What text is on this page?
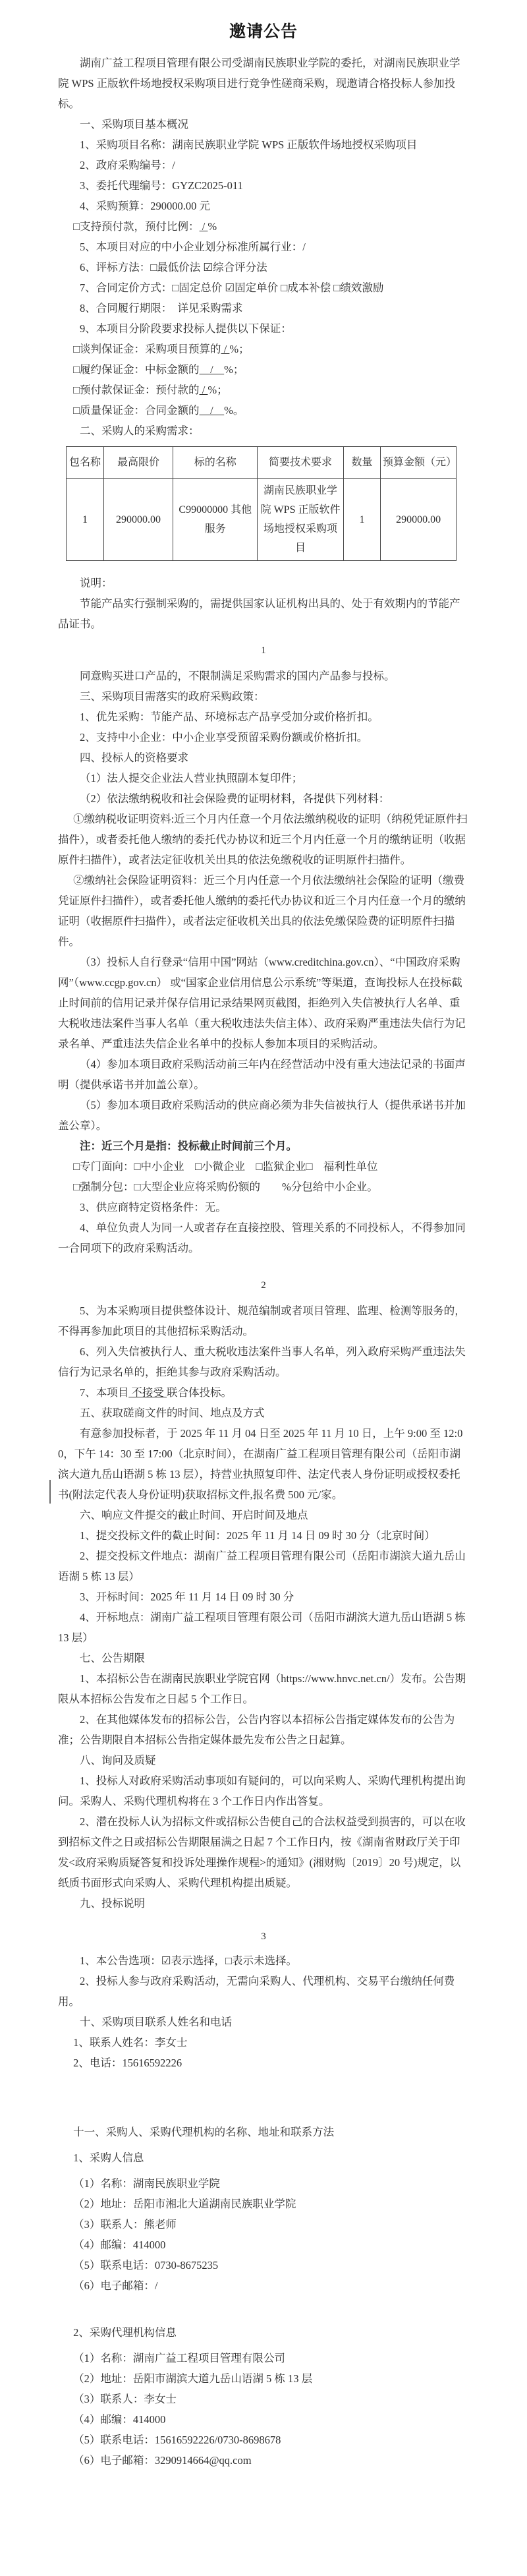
邀请公告

湖南广益工程项目管理有限公司受湖南民族职业学院的委托，对湖南民族职业学院 WPS 正版软件场地授权采购项目进行竞争性磋商采购，现邀请合格投标人参加投标。

一、采购项目基本概况

1、采购项目名称：湖南民族职业学院 WPS 正版软件场地授权采购项目

2、政府采购编号：/

3、委托代理编号：GYZC2025-011

4、采购预算：290000.00 元

□支持预付款，预付比例： / %

5、本项目对应的中小企业划分标准所属行业：/

6、评标方法：□最低价法 ☑综合评分法

7、合同定价方式：□固定总价 ☑固定单价 □成本补偿 □绩效激励

8、合同履行期限：　详见采购需求

9、本项目分阶段要求投标人提供以下保证：

□谈判保证金：采购项目预算的 / %；

□履约保证金：中标金额的　/　%；

□预付款保证金：预付款的 / %；

□质量保证金：合同金额的　/　%。

二、采购人的采购需求：

包名称	最高限价	标的名称	简要技术要求	数量	预算金额（元）
1	290000.00	C99000000 其他服务	湖南民族职业学院 WPS 正版软件场地授权采购项目	1	290000.00

说明：

节能产品实行强制采购的，需提供国家认证机构出具的、处于有效期内的节能产品证书。

1

同意购买进口产品的，不限制满足采购需求的国内产品参与投标。

三、采购项目需落实的政府采购政策：

1、优先采购：节能产品、环境标志产品享受加分或价格折扣。

2、支持中小企业：中小企业享受预留采购份额或价格折扣。

四、投标人的资格要求

（1）法人提交企业法人营业执照副本复印件；

（2）依法缴纳税收和社会保险费的证明材料，各提供下列材料：

①缴纳税收证明资料:近三个月内任意一个月依法缴纳税收的证明（纳税凭证原件扫描件），或者委托他人缴纳的委托代办协议和近三个月内任意一个月的缴纳证明（收据原件扫描件），或者法定征收机关出具的依法免缴税收的证明原件扫描件。

②缴纳社会保险证明资料：近三个月内任意一个月依法缴纳社会保险的证明（缴费凭证原件扫描件），或者委托他人缴纳的委托代办协议和近三个月内任意一个月的缴纳证明（收据原件扫描件），或者法定征收机关出具的依法免缴保险费的证明原件扫描件。

（3）投标人自行登录“信用中国”网站（www.creditchina.gov.cn）、“中国政府采购网”（www.ccgp.gov.cn） 或“国家企业信用信息公示系统”等渠道，查询投标人在投标截止时间前的信用记录并保存信用记录结果网页截图，拒绝列入失信被执行人名单、重大税收违法案件当事人名单（重大税收违法失信主体）、政府采购严重违法失信行为记录名单、严重违法失信企业名单中的投标人参加本项目的采购活动。

（4）参加本项目政府采购活动前三年内在经营活动中没有重大违法记录的书面声明（提供承诺书并加盖公章）。

（5）参加本项目政府采购活动的供应商必须为非失信被执行人（提供承诺书并加盖公章）。

注：近三个月是指：投标截止时间前三个月。

□专门面向：□中小企业　□小微企业　□监狱企业□　福利性单位

□强制分包：□大型企业应将采购份额的　　%分包给中小企业。

3、供应商特定资格条件：无。

4、单位负责人为同一人或者存在直接控股、管理关系的不同投标人，不得参加同一合同项下的政府采购活动。

2

5、为本采购项目提供整体设计、规范编制或者项目管理、监理、检测等服务的，不得再参加此项目的其他招标采购活动。

6、列入失信被执行人、重大税收违法案件当事人名单，列入政府采购严重违法失信行为记录名单的，拒绝其参与政府采购活动。

7、本项目 不接受 联合体投标。

五、获取磋商文件的时间、地点及方式

有意参加投标者，于 2025 年 11 月 04 日至 2025 年 11 月 10 日，上午 9:00 至 12:00，下午 14：30 至 17:00（北京时间），在湖南广益工程项目管理有限公司（岳阳市湖滨大道九岳山语湖 5 栋 13 层），持营业执照复印件、法定代表人身份证明或授权委托书(附法定代表人身份证明)获取招标文件,报名费 500 元/家。

六、响应文件提交的截止时间、开启时间及地点

1、提交投标文件的截止时间：2025 年 11 月 14 日 09 时 30 分（北京时间）

2、提交投标文件地点：湖南广益工程项目管理有限公司（岳阳市湖滨大道九岳山语湖 5 栋 13 层）

3、开标时间：2025 年 11 月 14 日 09 时 30 分

4、开标地点：湖南广益工程项目管理有限公司（岳阳市湖滨大道九岳山语湖 5 栋 13 层）

七、公告期限

1、本招标公告在湖南民族职业学院官网（https://www.hnvc.net.cn/）发布。公告期限从本招标公告发布之日起 5 个工作日。

2、在其他媒体发布的招标公告，公告内容以本招标公告指定媒体发布的公告为准；公告期限自本招标公告指定媒体最先发布公告之日起算。

八、询问及质疑

1、投标人对政府采购活动事项如有疑问的，可以向采购人、采购代理机构提出询问。采购人、采购代理机构将在 3 个工作日内作出答复。

2、潜在投标人认为招标文件或招标公告使自己的合法权益受到损害的，可以在收到招标文件之日或招标公告期限届满之日起 7 个工作日内，按《湖南省财政厅关于印发<政府采购质疑答复和投诉处理操作规程>的通知》(湘财购〔2019〕20 号)规定，以纸质书面形式向采购人、采购代理机构提出质疑。

九、投标说明

3

1、本公告选项：☑表示选择，□表示未选择。

2、投标人参与政府采购活动，无需向采购人、代理机构、交易平台缴纳任何费用。

十、采购项目联系人姓名和电话

1、联系人姓名：李女士

2、电话：15616592226

十一、采购人、采购代理机构的名称、地址和联系方法

1、采购人信息

（1）名称：湖南民族职业学院

（2）地址：岳阳市湘北大道湖南民族职业学院

（3）联系人：熊老师

（4）邮编：414000

（5）联系电话：0730-8675235

（6）电子邮箱：/

2、采购代理机构信息

（1）名称：湖南广益工程项目管理有限公司

（2）地址：岳阳市湖滨大道九岳山语湖 5 栋 13 层

（3）联系人：李女士

（4）邮编：414000

（5）联系电话：15616592226/0730-8698678

（6）电子邮箱：3290914664@qq.com
